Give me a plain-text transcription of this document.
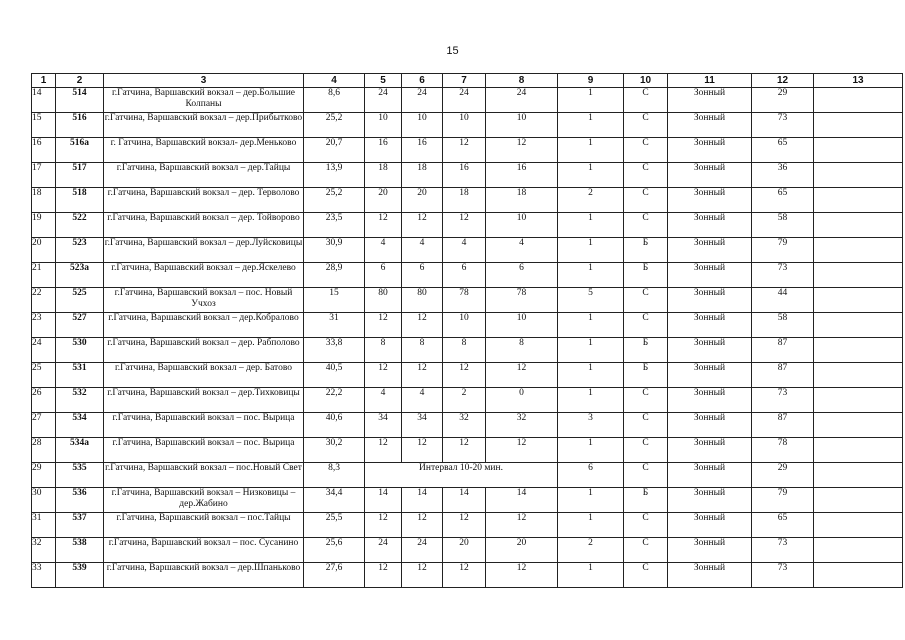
15
1	2	3	4	5	6	7	8	9	10	11	12	13
14	514	г.Гатчина, Варшавский вокзал – дер.Большие Колпаны	8,6	24	24	24	24	1	С	Зонный	29	
15	516	г.Гатчина, Варшавский вокзал – дер.Прибытково	25,2	10	10	10	10	1	С	Зонный	73	
16	516а	г. Гатчина, Варшавский вокзал- дер.Меньково	20,7	16	16	12	12	1	С	Зонный	65	
17	517	г.Гатчина, Варшавский вокзал – дер.Тайцы	13,9	18	18	16	16	1	С	Зонный	36	
18	518	г.Гатчина, Варшавский вокзал – дер. Терволово	25,2	20	20	18	18	2	С	Зонный	65	
19	522	г.Гатчина, Варшавский вокзал – дер. Тойворово	23,5	12	12	12	10	1	С	Зонный	58	
20	523	г.Гатчина, Варшавский вокзал – дер.Луйсковицы	30,9	4	4	4	4	1	Б	Зонный	79	
21	523а	г.Гатчина, Варшавский вокзал – дер.Яскелево	28,9	6	6	6	6	1	Б	Зонный	73	
22	525	г.Гатчина, Варшавский вокзал – пос. Новый Учхоз	15	80	80	78	78	5	С	Зонный	44	
23	527	г.Гатчина, Варшавский вокзал – дер.Кобралово	31	12	12	10	10	1	С	Зонный	58	
24	530	г.Гатчина, Варшавский вокзал – дер. Рабполово	33,8	8	8	8	8	1	Б	Зонный	87	
25	531	г.Гатчина, Варшавский вокзал – дер. Батово	40,5	12	12	12	12	1	Б	Зонный	87	
26	532	г.Гатчина, Варшавский вокзал – дер.Тихковицы	22,2	4	4	2	0	1	С	Зонный	73	
27	534	г.Гатчина, Варшавский вокзал – пос. Вырица	40,6	34	34	32	32	3	С	Зонный	87	
28	534а	г.Гатчина, Варшавский вокзал – пос. Вырица	30,2	12	12	12	12	1	С	Зонный	78	
29	535	г.Гатчина, Варшавский вокзал – пос.Новый Свет	8,3	Интервал 10-20 мин.				6	С	Зонный	29	
30	536	г.Гатчина, Варшавский вокзал – Низковицы – дер.Жабино	34,4	14	14	14	14	1	Б	Зонный	79	
31	537	г.Гатчина, Варшавский вокзал – пос.Тайцы	25,5	12	12	12	12	1	С	Зонный	65	
32	538	г.Гатчина, Варшавский вокзал – пос. Сусанино	25,6	24	24	20	20	2	С	Зонный	73	
33	539	г.Гатчина, Варшавский вокзал – дер.Шпаньково	27,6	12	12	12	12	1	С	Зонный	73	
